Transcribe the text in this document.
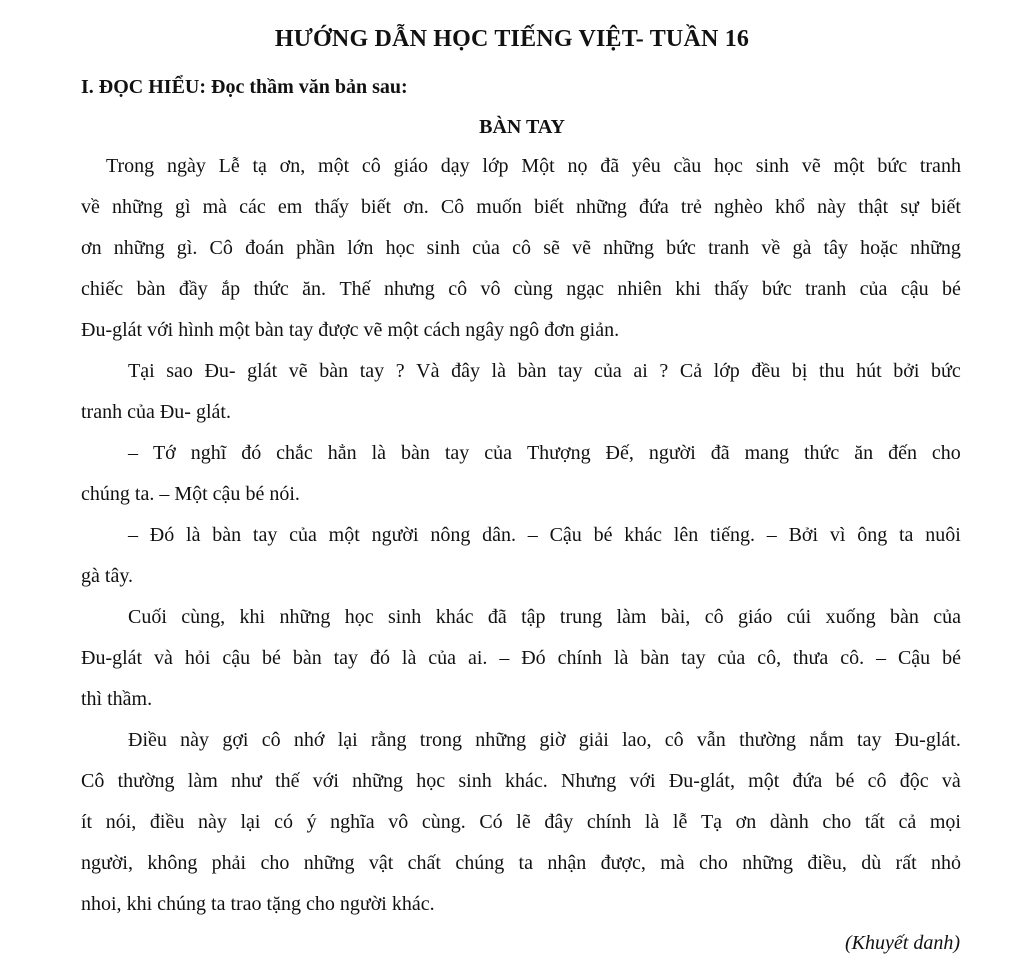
HƯỚNG DẪN HỌC TIẾNG VIỆT- TUẦN 16
I. ĐỌC HIỂU: Đọc thầm văn bản sau:
BÀN TAY
Trong ngày Lễ tạ ơn, một cô giáo dạy lớp Một nọ đã yêu cầu học sinh vẽ một bức tranh
về những gì mà các em thấy biết ơn. Cô muốn biết những đứa trẻ nghèo khổ này thật sự biết
ơn những gì. Cô đoán phần lớn học sinh của cô sẽ vẽ những bức tranh về gà tây hoặc những
chiếc bàn đầy ắp thức ăn. Thế nhưng cô vô cùng ngạc nhiên khi thấy bức tranh của cậu bé
Đu-glát với hình một bàn tay được vẽ một cách ngây ngô đơn giản.
Tại sao Đu- glát vẽ bàn tay ? Và đây là bàn tay của ai ? Cả lớp đều bị thu hút bởi bức
tranh của Đu- glát.
– Tớ nghĩ đó chắc hẳn là bàn tay của Thượng Đế, người đã mang thức ăn đến cho
chúng ta. – Một cậu bé nói.
– Đó là bàn tay của một người nông dân. – Cậu bé khác lên tiếng. – Bởi vì ông ta nuôi
gà tây.
Cuối cùng, khi những học sinh khác đã tập trung làm bài, cô giáo cúi xuống bàn của
Đu-glát và hỏi cậu bé bàn tay đó là của ai. – Đó chính là bàn tay của cô, thưa cô. – Cậu bé
thì thầm.
Điều này gợi cô nhớ lại rằng trong những giờ giải lao, cô vẫn thường nắm tay Đu-glát.
Cô thường làm như thế với những học sinh khác. Nhưng với Đu-glát, một đứa bé cô độc và
ít nói, điều này lại có ý nghĩa vô cùng. Có lẽ đây chính là lễ Tạ ơn dành cho tất cả mọi
người, không phải cho những vật chất chúng ta nhận được, mà cho những điều, dù rất nhỏ
nhoi, khi chúng ta trao tặng cho người khác.
(Khuyết danh)
